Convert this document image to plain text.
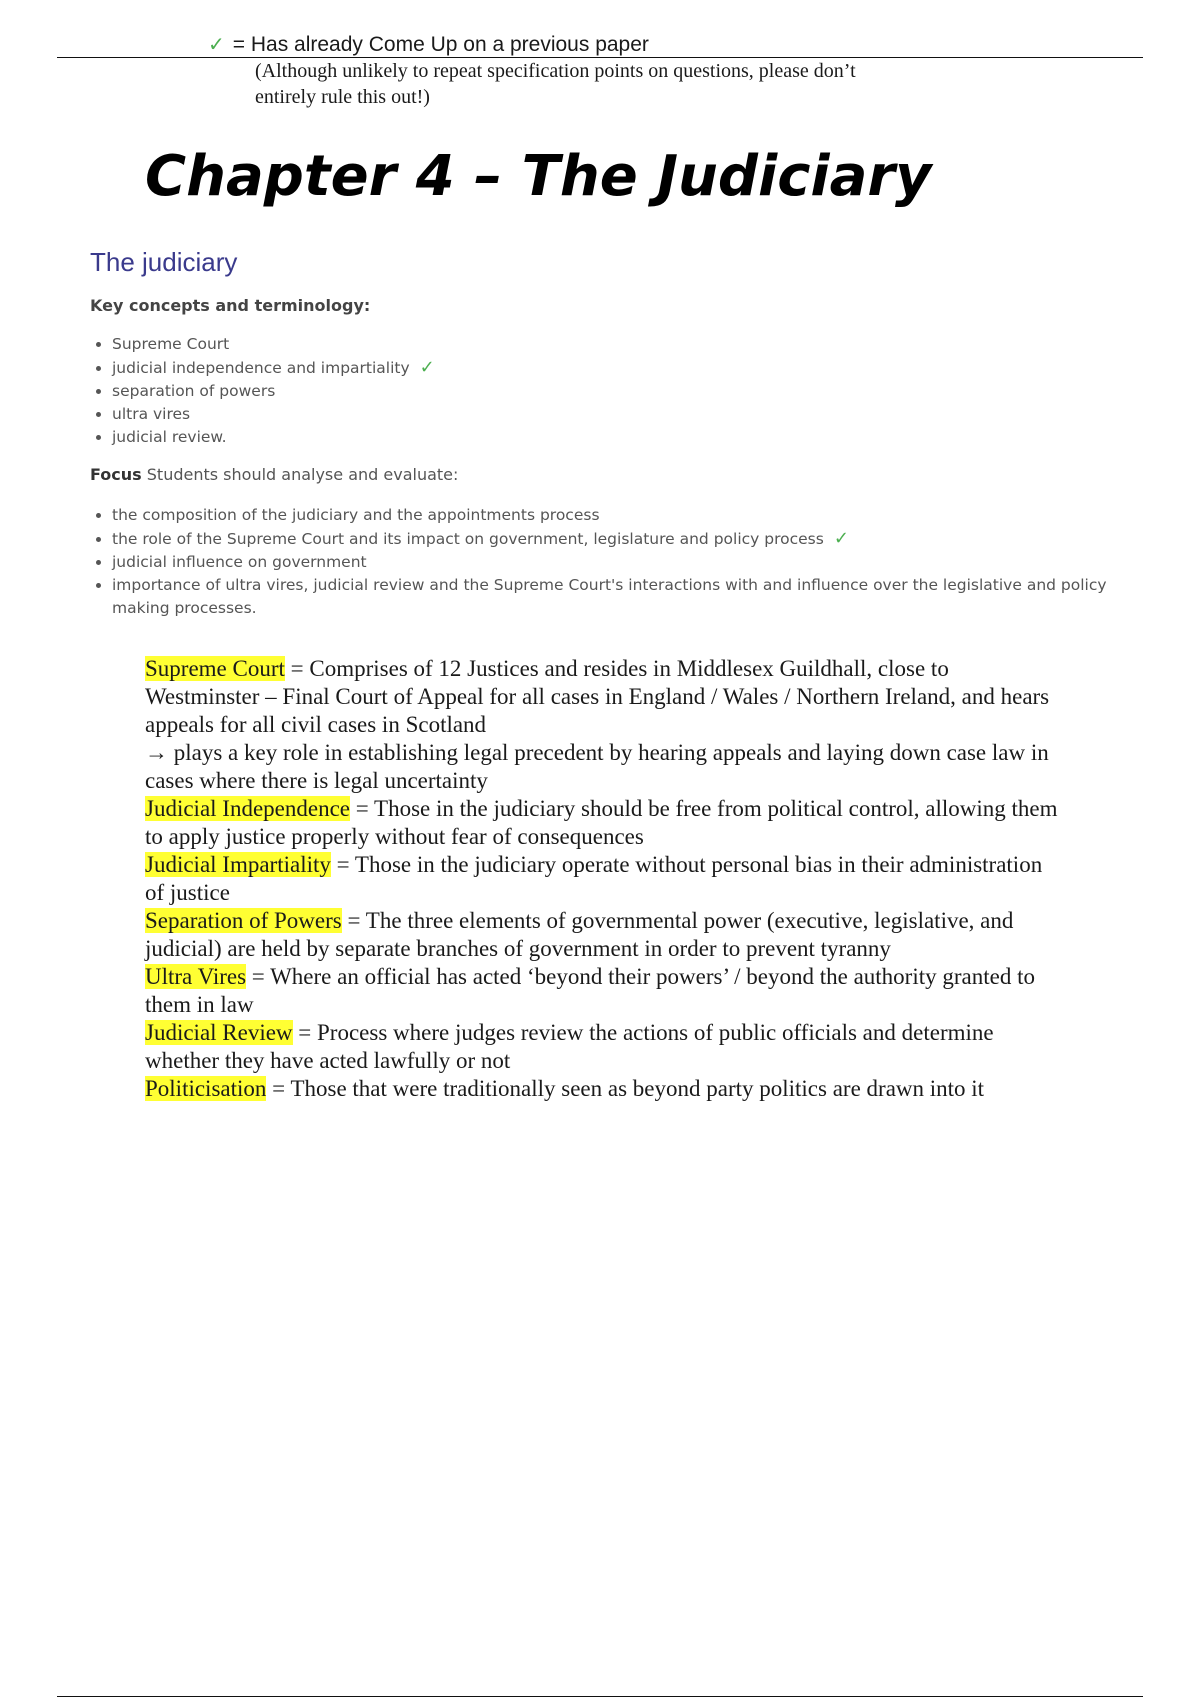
✓ = Has already Come Up on a previous paper
(Although unlikely to repeat specification points on questions, please don’t entirely rule this out!)
Chapter 4 – The Judiciary
The judiciary

Key concepts and terminology:

• Supreme Court
• judicial independence and impartiality ✓
• separation of powers
• ultra vires
• judicial review.

Focus Students should analyse and evaluate:

• the composition of the judiciary and the appointments process
• the role of the Supreme Court and its impact on government, legislature and policy process ✓
• judicial influence on government
• importance of ultra vires, judicial review and the Supreme Court's interactions with and influence over the legislative and policy making processes.

Supreme Court = Comprises of 12 Justices and resides in Middlesex Guildhall, close to Westminster – Final Court of Appeal for all cases in England / Wales / Northern Ireland, and hears appeals for all civil cases in Scotland

→ plays a key role in establishing legal precedent by hearing appeals and laying down case law in cases where there is legal uncertainty

Judicial Independence = Those in the judiciary should be free from political control, allowing them to apply justice properly without fear of consequences

Judicial Impartiality = Those in the judiciary operate without personal bias in their administration of justice

Separation of Powers = The three elements of governmental power (executive, legislative, and judicial) are held by separate branches of government in order to prevent tyranny

Ultra Vires = Where an official has acted ‘beyond their powers’ / beyond the authority granted to them in law

Judicial Review = Process where judges review the actions of public officials and determine whether they have acted lawfully or not

Politicisation = Those that were traditionally seen as beyond party politics are drawn into it
